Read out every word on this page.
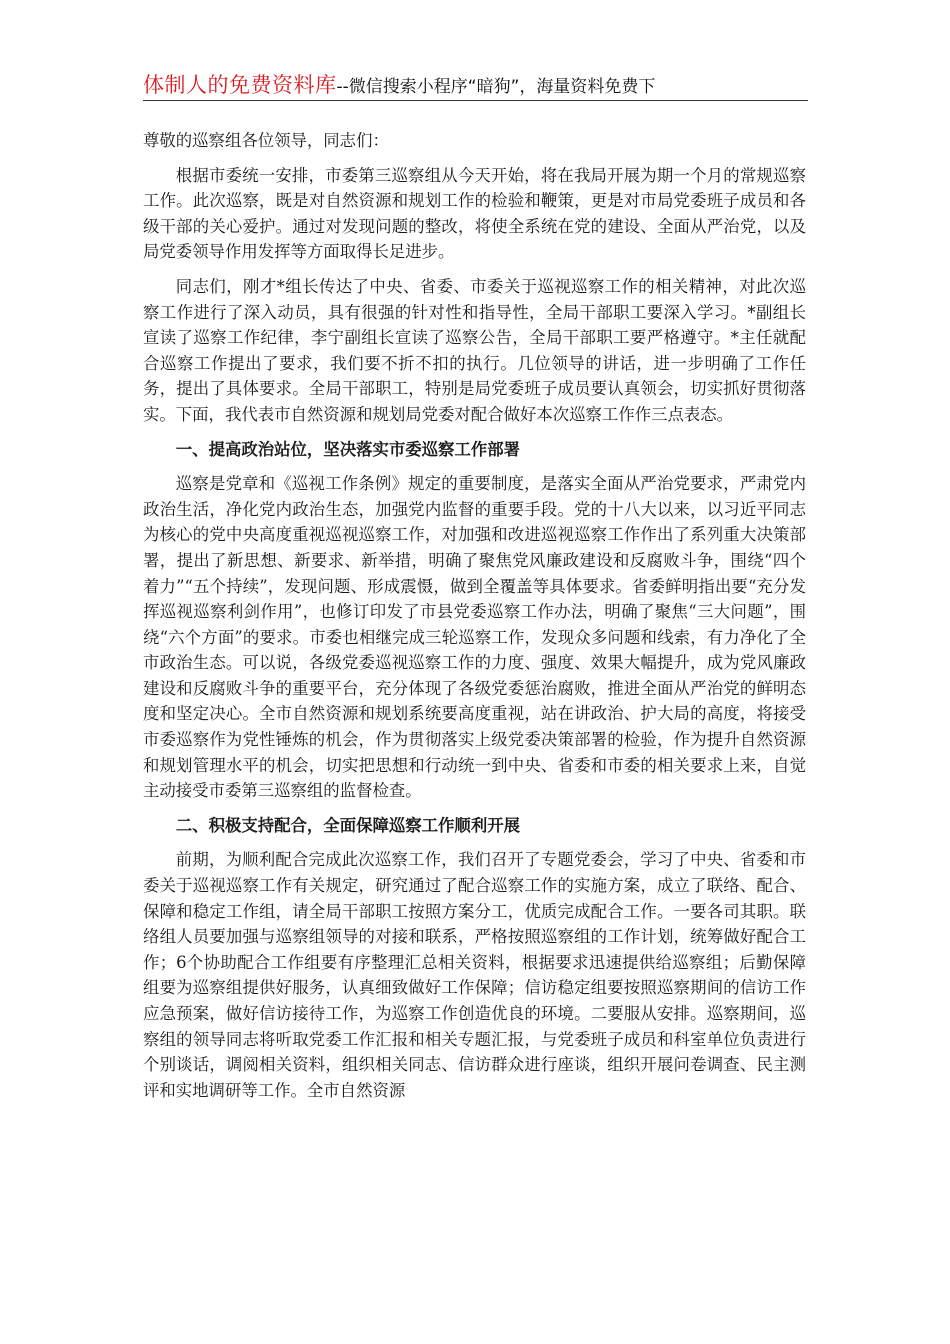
体制人的免费资料库--微信搜索小程序“暗狗”，海量资料免费下

尊敬的巡察组各位领导，同志们：

根据市委统一安排，市委第三巡察组从今天开始，将在我局开展为期一个月的常规巡察工作。此次巡察，既是对自然资源和规划工作的检验和鞭策，更是对市局党委班子成员和各级干部的关心爱护。通过对发现问题的整改，将使全系统在党的建设、全面从严治党，以及局党委领导作用发挥等方面取得长足进步。

同志们，刚才*组长传达了中央、省委、市委关于巡视巡察工作的相关精神，对此次巡察工作进行了深入动员，具有很强的针对性和指导性，全局干部职工要深入学习。*副组长宣读了巡察工作纪律，李宁副组长宣读了巡察公告，全局干部职工要严格遵守。*主任就配合巡察工作提出了要求，我们要不折不扣的执行。几位领导的讲话，进一步明确了工作任务，提出了具体要求。全局干部职工，特别是局党委班子成员要认真领会，切实抓好贯彻落实。下面，我代表市自然资源和规划局党委对配合做好本次巡察工作作三点表态。

一、提高政治站位，坚决落实市委巡察工作部署

巡察是党章和《巡视工作条例》规定的重要制度，是落实全面从严治党要求，严肃党内政治生活，净化党内政治生态，加强党内监督的重要手段。党的十八大以来，以习近平同志为核心的党中央高度重视巡视巡察工作，对加强和改进巡视巡察工作作出了系列重大决策部署，提出了新思想、新要求、新举措，明确了聚焦党风廉政建设和反腐败斗争，围绕“四个着力”“五个持续”，发现问题、形成震慑，做到全覆盖等具体要求。省委鲜明指出要“充分发挥巡视巡察利剑作用”，也修订印发了市县党委巡察工作办法，明确了聚焦“三大问题”，围绕“六个方面”的要求。市委也相继完成三轮巡察工作，发现众多问题和线索，有力净化了全市政治生态。可以说，各级党委巡视巡察工作的力度、强度、效果大幅提升，成为党风廉政建设和反腐败斗争的重要平台，充分体现了各级党委惩治腐败，推进全面从严治党的鲜明态度和坚定决心。全市自然资源和规划系统要高度重视，站在讲政治、护大局的高度，将接受市委巡察作为党性锤炼的机会，作为贯彻落实上级党委决策部署的检验，作为提升自然资源和规划管理水平的机会，切实把思想和行动统一到中央、省委和市委的相关要求上来，自觉主动接受市委第三巡察组的监督检查。

二、积极支持配合，全面保障巡察工作顺利开展

前期，为顺利配合完成此次巡察工作，我们召开了专题党委会，学习了中央、省委和市委关于巡视巡察工作有关规定，研究通过了配合巡察工作的实施方案，成立了联络、配合、保障和稳定工作组，请全局干部职工按照方案分工，优质完成配合工作。一要各司其职。联络组人员要加强与巡察组领导的对接和联系，严格按照巡察组的工作计划，统筹做好配合工作；6个协助配合工作组要有序整理汇总相关资料，根据要求迅速提供给巡察组；后勤保障组要为巡察组提供好服务，认真细致做好工作保障；信访稳定组要按照巡察期间的信访工作应急预案，做好信访接待工作，为巡察工作创造优良的环境。二要服从安排。巡察期间，巡察组的领导同志将听取党委工作汇报和相关专题汇报，与党委班子成员和科室单位负责进行个别谈话，调阅相关资料，组织相关同志、信访群众进行座谈，组织开展问卷调查、民主测评和实地调研等工作。全市自然资源
